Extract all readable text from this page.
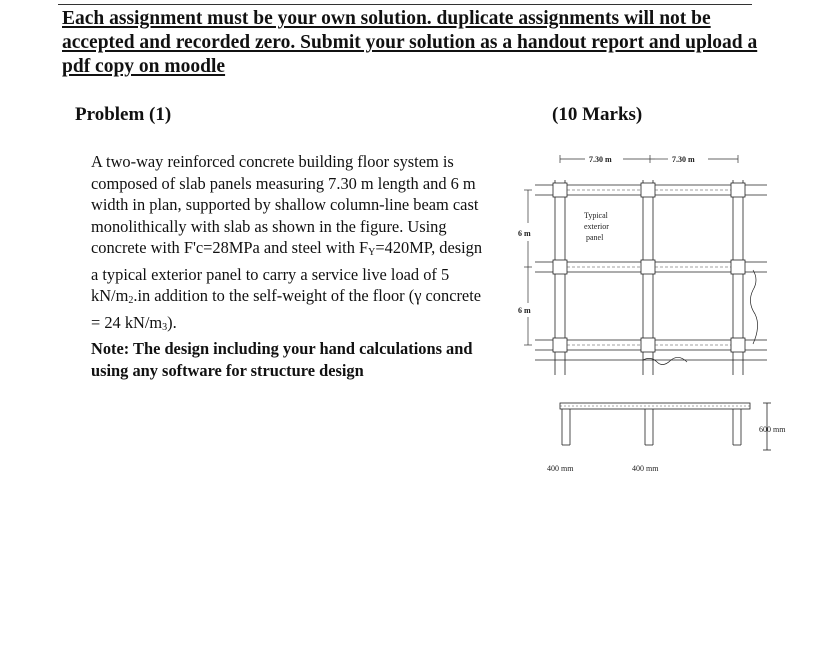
Each assignment must be your own solution. duplicate assignments will not be accepted and recorded zero. Submit your solution as a handout report and upload a pdf copy on moodle
Problem (1)	(10 Marks)

A two-way reinforced concrete building floor system is composed of slab panels measuring 7.30 m length and 6 m width in plan, supported by shallow column-line beam cast monolithically with slab as shown in the figure. Using concrete with F'c=28MPa and steel with $F_Y=420MP$, design a typical exterior panel to carry a service live load of 5 $kN/m_2.in$ addition to the self-weight of the floor (γ concrete = 24 $kN/m_3$).

Note: The design including your hand calculations and using any software for structure design

7.30 m	7.30 m
6 m
6 m
Typical
exterior
panel
600 mm
400 mm	400 mm
